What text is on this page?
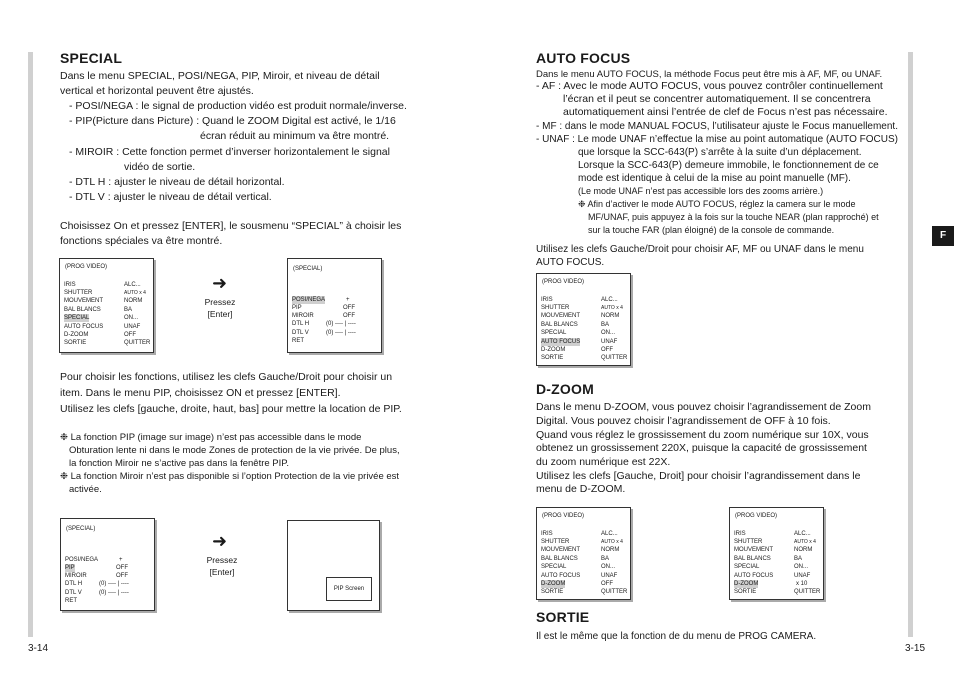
F
SPECIAL
Dans le menu SPECIAL, POSI/NEGA, PIP, Miroir, et niveau de détail
vertical et horizontal peuvent être ajustés.
- POSI/NEGA : le signal de production vidéo est produit normale/inverse.
- PIP(Picture dans Picture) : Quand le ZOOM Digital est activé, le 1/16
écran réduit au minimum va être montré.
- MIROIR : Cette fonction permet d’inverser horizontalement le signal
vidéo de sortie.
- DTL H : ajuster le niveau de détail horizontal.
- DTL V : ajuster le niveau de détail vertical.
Choisissez On et pressez [ENTER], le sousmenu “SPECIAL” à choisir les
fonctions spéciales va être montré.
(PROG VIDEO)
IRIS
SHUTTER
MOUVEMENT
BAL BLANCS
SPECIAL
AUTO FOCUS
D-ZOOM
SORTIE
ALC...
AUTO x 4
NORM
BA
ON...
UNAF
OFF
QUITTER
➜
Pressez
[Enter]
(SPECIAL)
POSI/NEGA
PIP
MIROIR
DTL H
DTL V
RET
+
OFF
OFF
(0) ---- | ----
(0) ---- | ----
Pour choisir les fonctions, utilisez les clefs Gauche/Droit pour choisir un
item. Dans le menu PIP, choisissez ON et pressez [ENTER].
Utilisez les clefs [gauche, droite, haut, bas] pour mettre la location de PIP.
❉ La fonction PIP (image sur image) n’est pas accessible dans le mode
Obturation lente ni dans le mode Zones de protection de la vie privée. De plus,
la fonction Miroir ne s’active pas dans la fenêtre PIP.
❉ La fonction Miroir n’est pas disponible si l’option Protection de la vie privée est
activée.
(SPECIAL)
POSI/NEGA
PIP
MIROIR
DTL H
DTL V
RET
+
OFF
OFF
(0) ---- | ----
(0) ---- | ----
➜
Pressez
[Enter]
PIP Screen
3-14
AUTO FOCUS
Dans le menu AUTO FOCUS, la méthode Focus peut être mis à AF, MF, ou UNAF.
- AF : Avec le mode AUTO FOCUS, vous pouvez contrôler continuellement
l’écran et il peut se concentrer automatiquement. Il se concentrera
automatiquement ainsi l’entrée de clef de Focus n’est pas nécessaire.
- MF : dans le mode MANUAL FOCUS, l’utilisateur ajuste le Focus manuellement.
- UNAF : Le mode UNAF n’effectue la mise au point automatique (AUTO FOCUS)
que lorsque la SCC-643(P) s’arrête à la suite d’un déplacement.
Lorsque la SCC-643(P) demeure immobile, le fonctionnement de ce
mode est identique à celui de la mise au point manuelle (MF).
(Le mode UNAF n’est pas accessible lors des zooms arrière.)
❉ Afin d’activer le mode AUTO FOCUS, réglez la camera sur le mode
MF/UNAF, puis appuyez à la fois sur la touche NEAR (plan rapproché) et
sur la touche FAR (plan éloigné) de la console de commande.
Utilisez les clefs Gauche/Droit pour choisir AF, MF ou UNAF dans le menu
AUTO FOCUS.
(PROG VIDEO)
IRIS
SHUTTER
MOUVEMENT
BAL BLANCS
SPECIAL
AUTO FOCUS
D-ZOOM
SORTIE
ALC...
AUTO x 4
NORM
BA
ON...
UNAF
OFF
QUITTER
D-ZOOM
Dans le menu D-ZOOM, vous pouvez choisir l’agrandissement de Zoom
Digital. Vous pouvez choisir l’agrandissement de OFF à 10 fois.
Quand vous réglez le grossissement du zoom numérique sur 10X, vous
obtenez un grossissement 220X, puisque la capacité de grossissement
du zoom numérique est 22X.
Utilisez les clefs [Gauche, Droit] pour choisir l’agrandissement dans le
menu de D-ZOOM.
(PROG VIDEO)
IRIS
SHUTTER
MOUVEMENT
BAL BLANCS
SPECIAL
AUTO FOCUS
D-ZOOM
SORTIE
ALC...
AUTO x 4
NORM
BA
ON...
UNAF
OFF
QUITTER
(PROG VIDEO)
IRIS
SHUTTER
MOUVEMENT
BAL BLANCS
SPECIAL
AUTO FOCUS
D-ZOOM
SORTIE
ALC...
AUTO x 4
NORM
BA
ON...
UNAF
x 10
QUITTER
SORTIE
Il est le même que la fonction de du menu de PROG CAMERA.
3-15
